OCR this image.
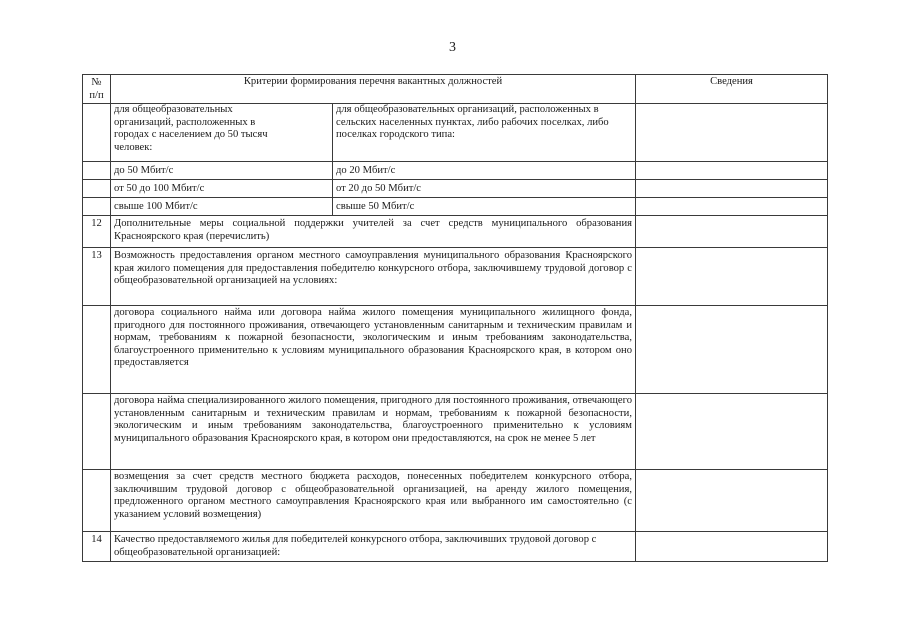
3
№
п/п	Критерии формирования перечня вакантных должностей		Сведения
	для общеобразовательных организаций, расположенных в городах с населением до 50 тысяч человек:	для общеобразовательных организаций, расположенных в сельских населенных пунктах, либо рабочих поселках, либо поселках городского типа:	
	до 50 Мбит/с	до 20 Мбит/с	
	от 50 до 100 Мбит/с	от 20 до 50 Мбит/с	
	свыше 100 Мбит/с	свыше 50 Мбит/с	
12	Дополнительные меры социальной поддержки учителей за счет средств муниципального образования Красноярского края (перечислить)		
13	Возможность предоставления органом местного самоуправления муниципального образования Красноярского края жилого помещения для предоставления победителю конкурсного отбора, заключившему трудовой договор с общеобразовательной организацией на условиях:		
	договора социального найма или договора найма жилого помещения муниципального жилищного фонда, пригодного для постоянного проживания, отвечающего установленным санитарным и техническим правилам и нормам, требованиям к пожарной безопасности, экологическим и иным требованиям законодательства, благоустроенного применительно к условиям муниципального образования Красноярского края, в котором оно предоставляется		
	договора найма специализированного жилого помещения, пригодного для постоянного проживания, отвечающего установленным санитарным и техническим правилам и нормам, требованиям к пожарной безопасности, экологическим и иным требованиям законодательства, благоустроенного применительно к условиям муниципального образования Красноярского края, в котором они предоставляются, на срок не менее 5 лет		
	возмещения за счет средств местного бюджета расходов, понесенных победителем конкурсного отбора, заключившим трудовой договор с общеобразовательной организацией, на аренду жилого помещения, предложенного органом местного самоуправления Красноярского края или выбранного им самостоятельно (с указанием условий возмещения)		
14	Качество предоставляемого жилья для победителей конкурсного отбора, заключивших трудовой договор с общеобразовательной организацией:		
